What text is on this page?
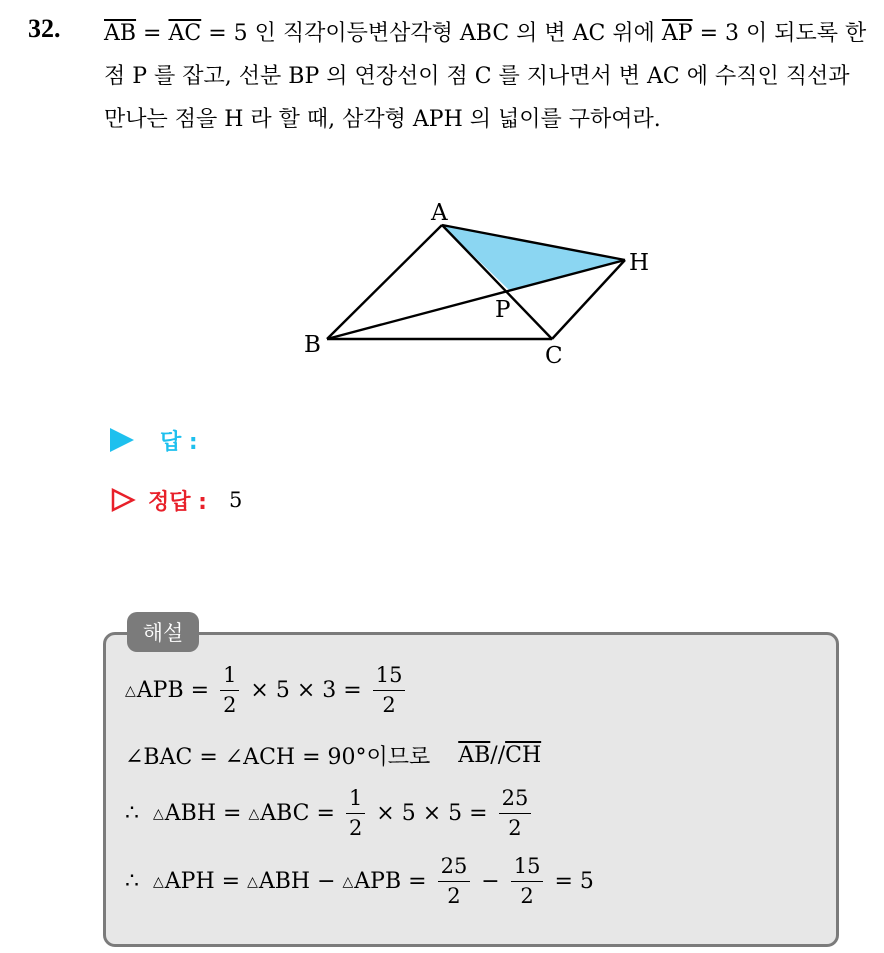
32. $\overline{AB} = \overline{AC} = 5$ 인 직각이등변삼각형 ABC 의 변 AC 위에 $\overline{AP} = 3$ 이 되도록 한 점 P 를 잡고, 선분 BP 의 연장선이 점 C 를 지나면서 변 AC 에 수직인 직선과 만나는 점을 H 라 할 때, 삼각형 APH 의 넓이를 구하여라.
A
H
P
B	C
답 :
정답 : 5
해설
△ APB = $\frac{1}{2} \times 5 \times 3 = \frac{15}{2}$
∠BAC = ∠ACH = 90°이므로 $\overline{AB} // \overline{CH}$
∴ △ ABH = △ ABC = $\frac{1}{2} \times 5 \times 5 = \frac{25}{2}$
∴ △ APH = △ ABH − △ APB = $\frac{25}{2} - \frac{15}{2} = 5$
